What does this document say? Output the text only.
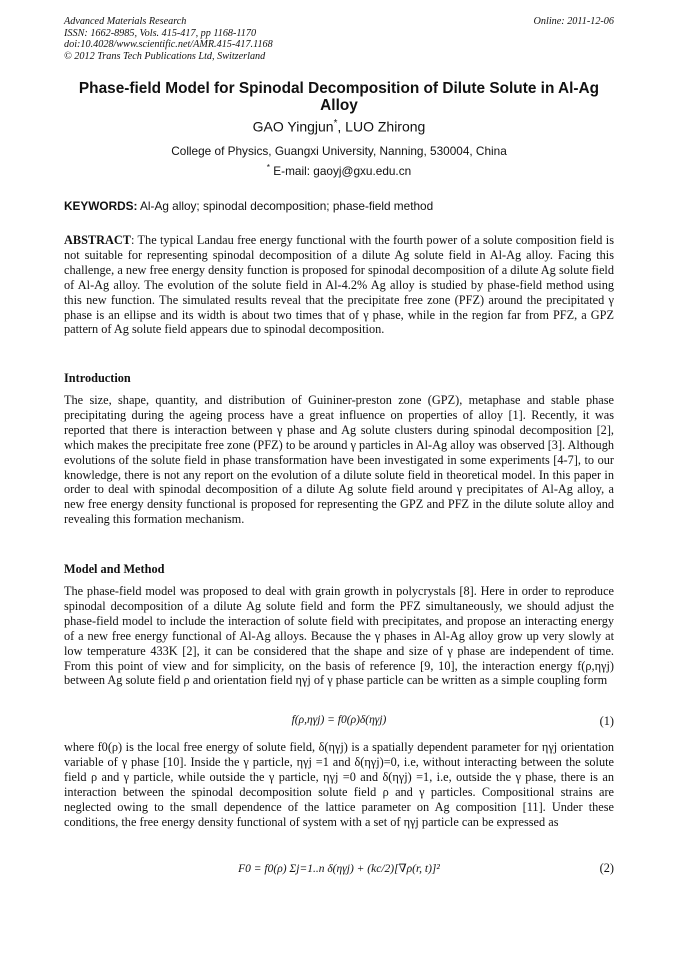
Advanced Materials Research
ISSN: 1662-8985, Vols. 415-417, pp 1168-1170
doi:10.4028/www.scientific.net/AMR.415-417.1168
© 2012 Trans Tech Publications Ltd, Switzerland
Online: 2011-12-06
Phase-field Model for Spinodal Decomposition of Dilute Solute in Al-Ag Alloy
GAO Yingjun*, LUO Zhirong
College of Physics, Guangxi University, Nanning, 530004, China
* E-mail: gaoyj@gxu.edu.cn
KEYWORDS: Al-Ag alloy; spinodal decomposition; phase-field method
ABSTRACT: The typical Landau free energy functional with the fourth power of a solute composition field is not suitable for representing spinodal decomposition of a dilute Ag solute field in Al-Ag alloy. Facing this challenge, a new free energy density function is proposed for spinodal decomposition of a dilute Ag solute field of Al-Ag alloy. The evolution of the solute field in Al-4.2% Ag alloy is studied by phase-field method using this new function. The simulated results reveal that the precipitate free zone (PFZ) around the precipitated γ phase is an ellipse and its width is about two times that of γ phase, while in the region far from PFZ, a GPZ pattern of Ag solute field appears due to spinodal decomposition.
Introduction
The size, shape, quantity, and distribution of Guininer-preston zone (GPZ), metaphase and stable phase precipitating during the ageing process have a great influence on properties of alloy [1]. Recently, it was reported that there is interaction between γ phase and Ag solute clusters during spinodal decomposition [2], which makes the precipitate free zone (PFZ) to be around γ particles in Al-Ag alloy was observed [3]. Although evolutions of the solute field in phase transformation have been investigated in some experiments [4-7], to our knowledge, there is not any report on the evolution of a dilute solute field in theoretical model. In this paper in order to deal with spinodal decomposition of a dilute Ag solute field around γ precipitates of Al-Ag alloy, a new free energy density functional is proposed for representing the GPZ and PFZ in the dilute solute alloy and revealing this formation mechanism.
Model and Method
The phase-field model was proposed to deal with grain growth in polycrystals [8]. Here in order to reproduce spinodal decomposition of a dilute Ag solute field and form the PFZ simultaneously, we should adjust the phase-field model to include the interaction of solute field with precipitates, and propose an interacting energy of a new free energy functional of Al-Ag alloys. Because the γ phases in Al-Ag alloy grow up very slowly at low temperature 433K [2], it can be considered that the shape and size of γ phase are independent of time. From this point of view and for simplicity, on the basis of reference [9, 10], the interaction energy f(ρ,ηγj) between Ag solute field ρ and orientation field ηγj of γ phase particle can be written as a simple coupling form
f(ρ,ηγj) = f0(ρ)δ(ηγj)	(1)
where f0(ρ) is the local free energy of solute field, δ(ηγj) is a spatially dependent parameter for ηγj orientation variable of γ phase [10]. Inside the γ particle, ηγj =1 and δ(ηγj)=0, i.e, without interacting between the solute field ρ and γ particle, while outside the γ particle, ηγj =0 and δ(ηγj) =1, i.e, outside the γ phase, there is an interaction between the spinodal decomposition solute field ρ and γ particles. Compositional strains are neglected owing to the small dependence of the lattice parameter on Ag composition [11]. Under these conditions, the free energy density functional of system with a set of ηγj particle can be expressed as
F0 = f0(ρ) Σj=1..n δ(ηγj) + (kc/2)[∇ρ(r, t)]²	(2)
